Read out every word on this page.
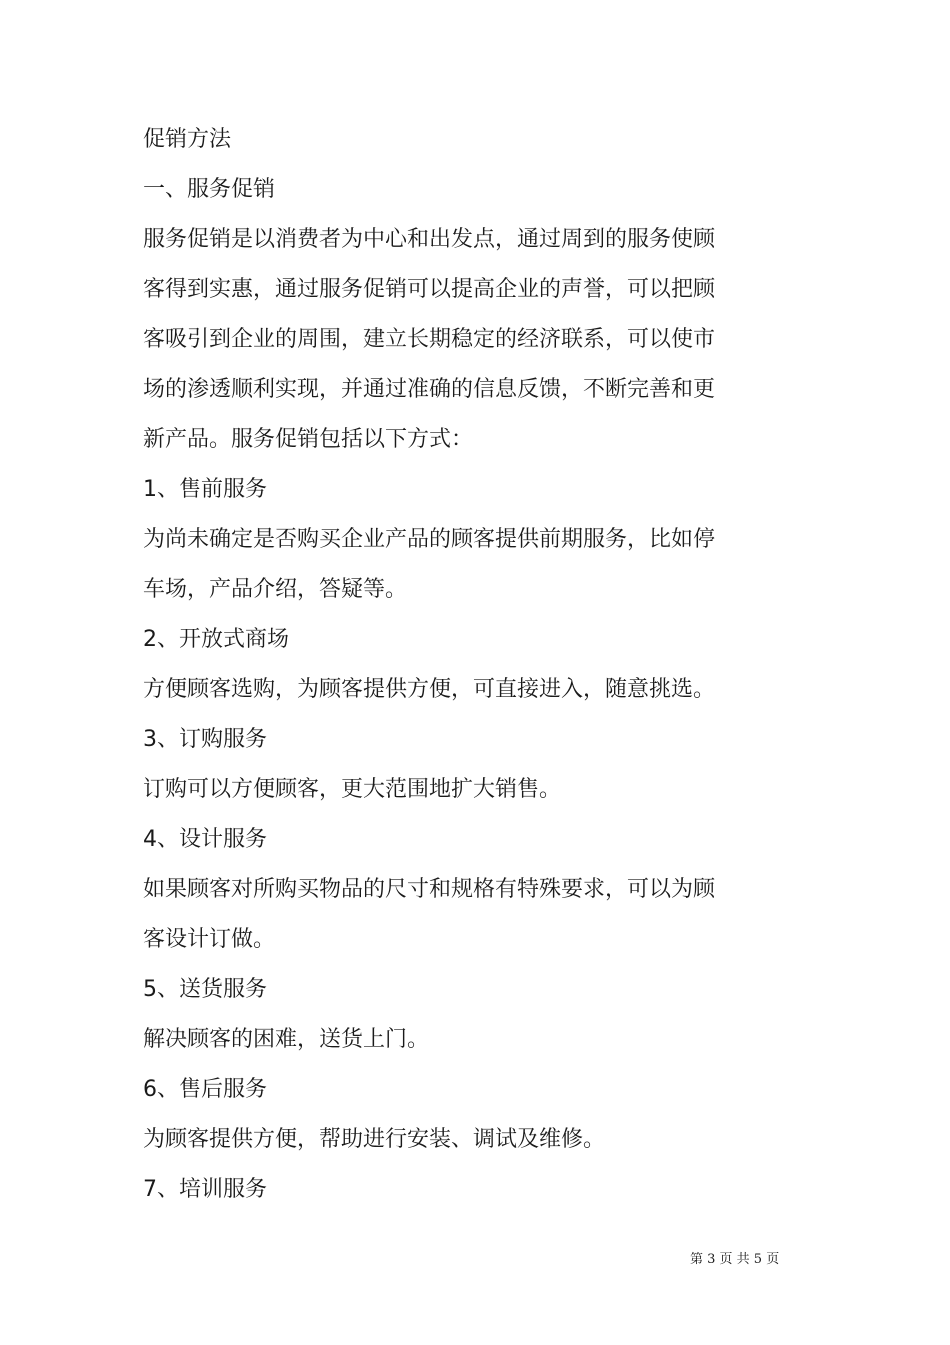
促销方法
一、服务促销
服务促销是以消费者为中心和出发点，通过周到的服务使顾
客得到实惠，通过服务促销可以提高企业的声誉，可以把顾
客吸引到企业的周围，建立长期稳定的经济联系，可以使市
场的渗透顺利实现，并通过准确的信息反馈，不断完善和更
新产品。服务促销包括以下方式：
1、售前服务
为尚未确定是否购买企业产品的顾客提供前期服务，比如停
车场，产品介绍，答疑等。
2、开放式商场
方便顾客选购，为顾客提供方便，可直接进入，随意挑选。
3、订购服务
订购可以方便顾客，更大范围地扩大销售。
4、设计服务
如果顾客对所购买物品的尺寸和规格有特殊要求，可以为顾
客设计订做。
5、送货服务
解决顾客的困难，送货上门。
6、售后服务
为顾客提供方便，帮助进行安装、调试及维修。
7、培训服务
第 3 页 共 5 页
